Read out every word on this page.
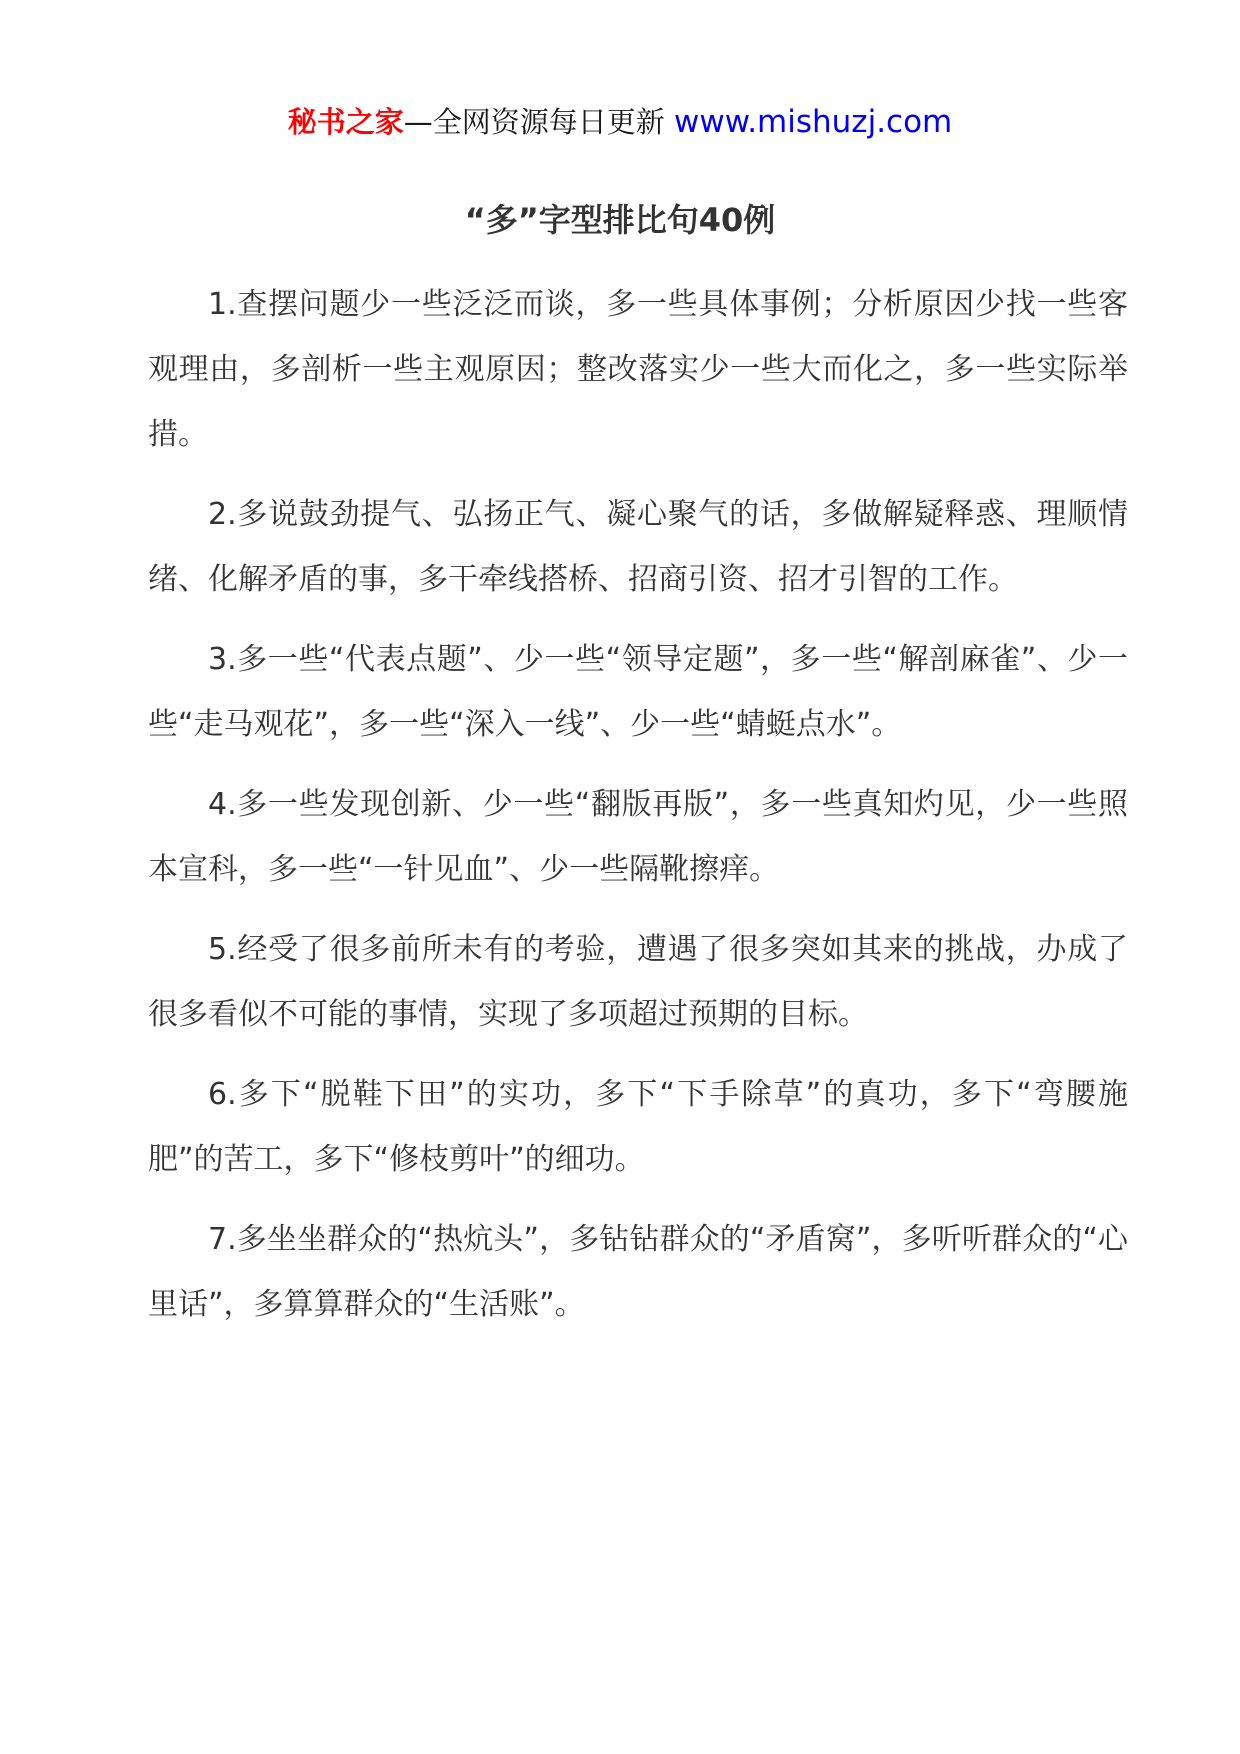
秘书之家—全网资源每日更新 www.mishuzj.com
“多”字型排比句40例

1.查摆问题少一些泛泛而谈，多一些具体事例；分析原因少找一些客观理由，多剖析一些主观原因；整改落实少一些大而化之，多一些实际举措。

2.多说鼓劲提气、弘扬正气、凝心聚气的话，多做解疑释惑、理顺情绪、化解矛盾的事，多干牵线搭桥、招商引资、招才引智的工作。

3.多一些“代表点题”、少一些“领导定题”，多一些“解剖麻雀”、少一些“走马观花”，多一些“深入一线”、少一些“蜻蜓点水”。

4.多一些发现创新、少一些“翻版再版”，多一些真知灼见，少一些照本宣科，多一些“一针见血”、少一些隔靴擦痒。

5.经受了很多前所未有的考验，遭遇了很多突如其来的挑战，办成了很多看似不可能的事情，实现了多项超过预期的目标。

6.多下“脱鞋下田”的实功，多下“下手除草”的真功，多下“弯腰施肥”的苦工，多下“修枝剪叶”的细功。

7.多坐坐群众的“热炕头”，多钻钻群众的“矛盾窝”，多听听群众的“心里话”，多算算群众的“生活账”。
